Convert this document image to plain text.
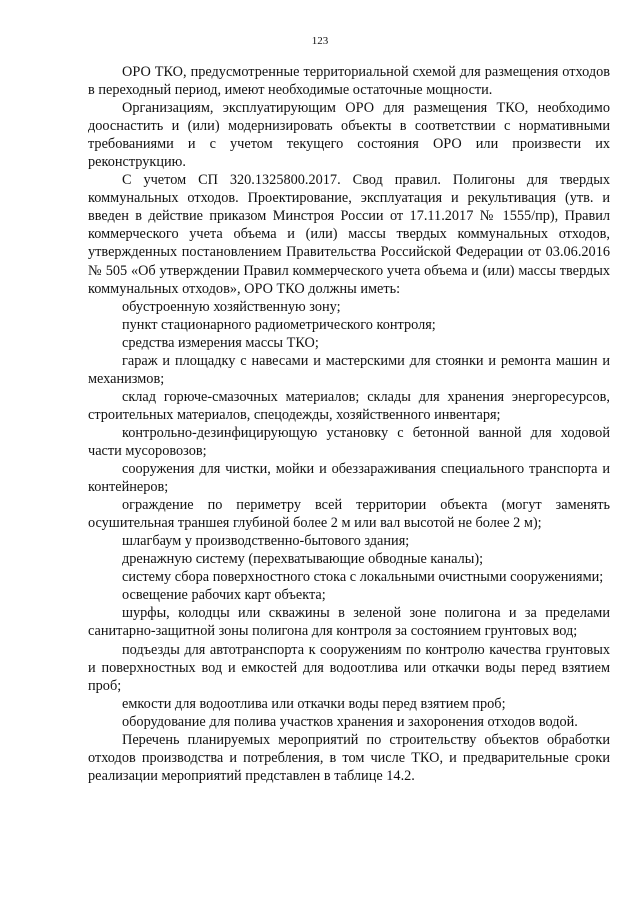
123

ОРО ТКО, предусмотренные территориальной схемой для размещения отходов в переходный период, имеют необходимые остаточные мощности.

Организациям, эксплуатирующим ОРО для размещения ТКО, необходимо дооснастить и (или) модернизировать объекты в соответствии с нормативными требованиями и с учетом текущего состояния ОРО или произвести их реконструкцию.

С учетом СП 320.1325800.2017. Свод правил. Полигоны для твердых коммунальных отходов. Проектирование, эксплуатация и рекультивация (утв. и введен в действие приказом Минстроя России от 17.11.2017 № 1555/пр), Правил коммерческого учета объема и (или) массы твердых коммунальных отходов, утвержденных постановлением Правительства Российской Федерации от 03.06.2016 № 505 «Об утверждении Правил коммерческого учета объема и (или) массы твердых коммунальных отходов», ОРО ТКО должны иметь:

обустроенную хозяйственную зону;

пункт стационарного радиометрического контроля;

средства измерения массы ТКО;

гараж и площадку с навесами и мастерскими для стоянки и ремонта машин и механизмов;

склад горюче-смазочных материалов; склады для хранения энергоресурсов, строительных материалов, спецодежды, хозяйственного инвентаря;

контрольно-дезинфицирующую установку с бетонной ванной для ходовой части мусоровозов;

сооружения для чистки, мойки и обеззараживания специального транспорта и контейнеров;

ограждение по периметру всей территории объекта (могут заменять осушительная траншея глубиной более 2 м или вал высотой не более 2 м);

шлагбаум у производственно-бытового здания;

дренажную систему (перехватывающие обводные каналы);

систему сбора поверхностного стока с локальными очистными сооружениями;

освещение рабочих карт объекта;

шурфы, колодцы или скважины в зеленой зоне полигона и за пределами санитарно-защитной зоны полигона для контроля за состоянием грунтовых вод;

подъезды для автотранспорта к сооружениям по контролю качества грунтовых и поверхностных вод и емкостей для водоотлива или откачки воды перед взятием проб;

емкости для водоотлива или откачки воды перед взятием проб;

оборудование для полива участков хранения и захоронения отходов водой.

Перечень планируемых мероприятий по строительству объектов обработки отходов производства и потребления, в том числе ТКО, и предварительные сроки реализации мероприятий представлен в таблице 14.2.
